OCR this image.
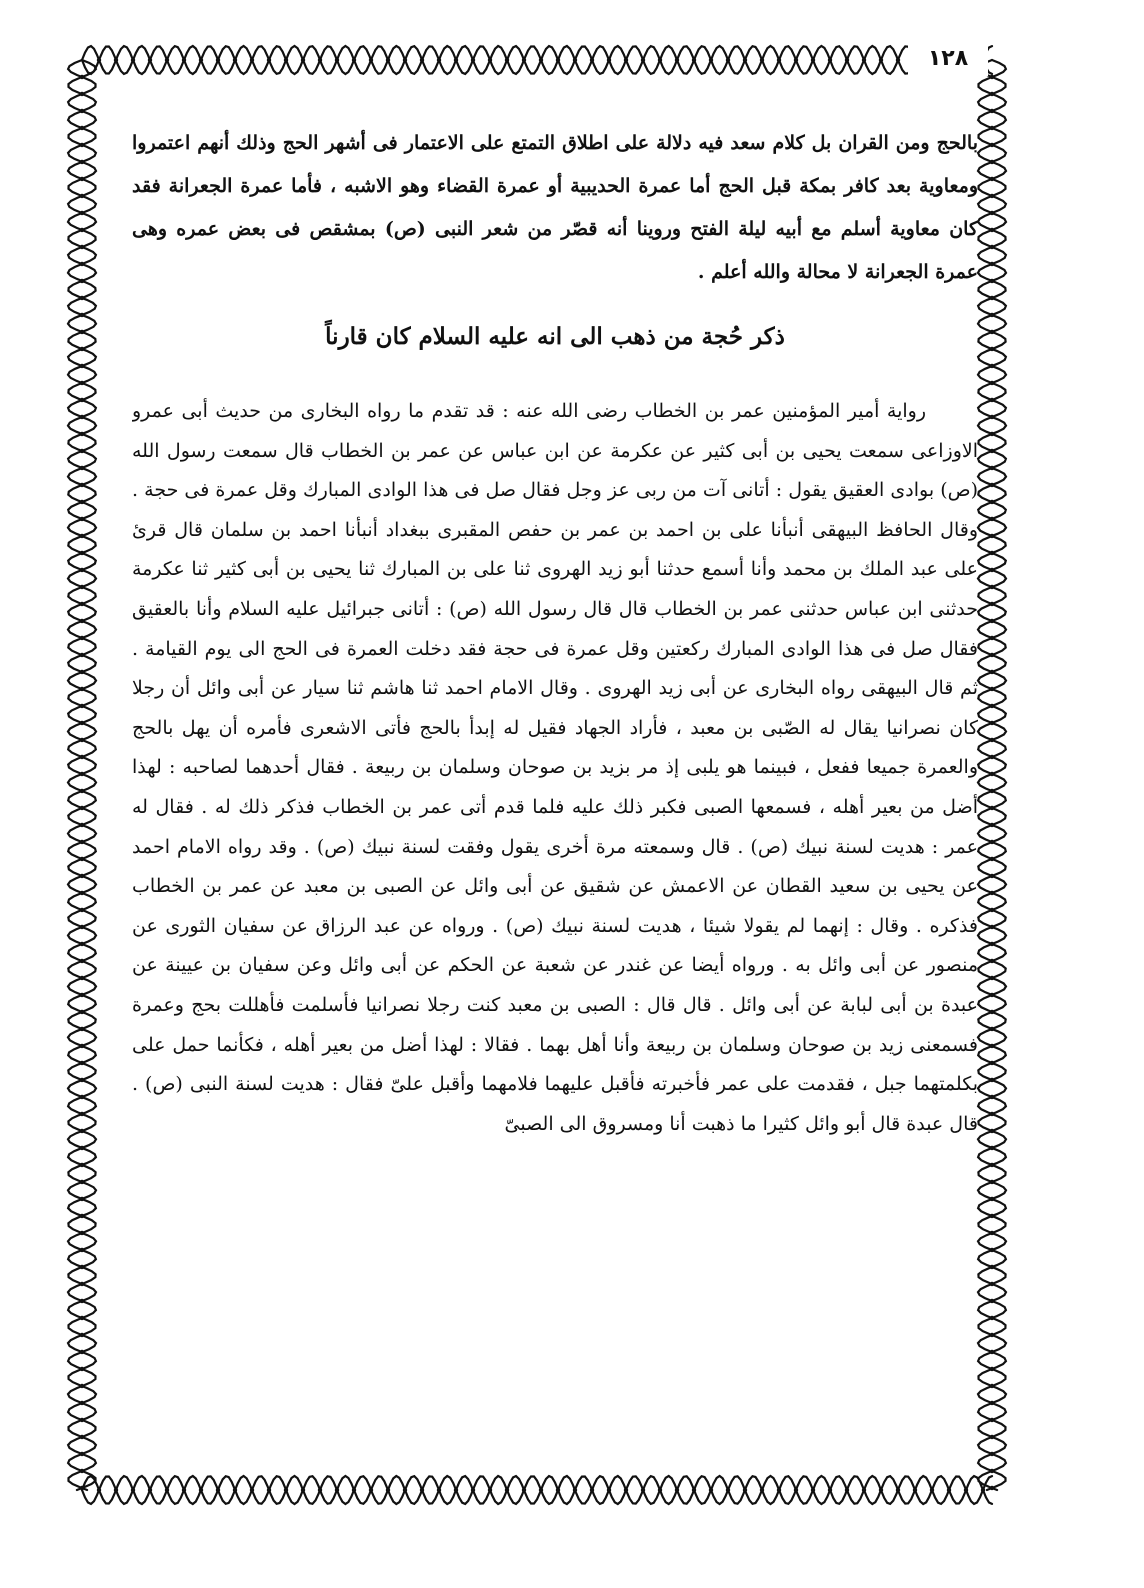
١٢٨

بالحج ومن القران بل كلام سعد فيه دلالة على اطلاق التمتع على الاعتمار فى أشهر الحج وذلك أنهم اعتمروا ومعاوية بعد كافر بمكة قبل الحج أما عمرة الحديبية أو عمرة القضاء وهو الاشبه ، فأما عمرة الجعرانة فقد كان معاوية أسلم مع أبيه ليلة الفتح وروينا أنه قصّر من شعر النبى (ص) بمشقص فى بعض عمره وهى عمرة الجعرانة لا محالة والله أعلم .

ذكر حُجة من ذهب الى انه عليه السلام كان قارناً

رواية أمير المؤمنين عمر بن الخطاب رضى الله عنه : قد تقدم ما رواه البخارى من حديث أبى عمرو الاوزاعى سمعت يحيى بن أبى كثير عن عكرمة عن ابن عباس عن عمر بن الخطاب قال سمعت رسول الله (ص) بوادى العقيق يقول : أتانى آت من ربى عز وجل فقال صل فى هذا الوادى المبارك وقل عمرة فى حجة . وقال الحافظ البيهقى أنبأنا على بن احمد بن عمر بن حفص المقبرى ببغداد أنبأنا احمد بن سلمان قال قرئ على عبد الملك بن محمد وأنا أسمع حدثنا أبو زيد الهروى ثنا على بن المبارك ثنا يحيى بن أبى كثير ثنا عكرمة حدثنى ابن عباس حدثنى عمر بن الخطاب قال قال رسول الله (ص) : أتانى جبرائيل عليه السلام وأنا بالعقيق فقال صل فى هذا الوادى المبارك ركعتين وقل عمرة فى حجة فقد دخلت العمرة فى الحج الى يوم القيامة . ثم قال البيهقى رواه البخارى عن أبى زيد الهروى . وقال الامام احمد ثنا هاشم ثنا سيار عن أبى وائل أن رجلا كان نصرانيا يقال له الصّبى بن معبد ، فأراد الجهاد فقيل له إبدأ بالحج فأتى الاشعرى فأمره أن يهل بالحج والعمرة جميعا ففعل ، فبينما هو يلبى إذ مر بزيد بن صوحان وسلمان بن ربيعة . فقال أحدهما لصاحبه : لهذا أضل من بعير أهله ، فسمعها الصبى فكبر ذلك عليه فلما قدم أتى عمر بن الخطاب فذكر ذلك له . فقال له عمر : هديت لسنة نبيك (ص) . قال وسمعته مرة أخرى يقول وفقت لسنة نبيك (ص) . وقد رواه الامام احمد عن يحيى بن سعيد القطان عن الاعمش عن شقيق عن أبى وائل عن الصبى بن معبد عن عمر بن الخطاب فذكره . وقال : إنهما لم يقولا شيئا ، هديت لسنة نبيك (ص) . ورواه عن عبد الرزاق عن سفيان الثورى عن منصور عن أبى وائل به . ورواه أيضا عن غندر عن شعبة عن الحكم عن أبى وائل وعن سفيان بن عيينة عن عبدة بن أبى لبابة عن أبى وائل . قال قال : الصبى بن معبد كنت رجلا نصرانيا فأسلمت فأهللت بحج وعمرة فسمعنى زيد بن صوحان وسلمان بن ربيعة وأنا أهل بهما . فقالا : لهذا أضل من بعير أهله ، فكأنما حمل على بكلمتهما جبل ، فقدمت على عمر فأخبرته فأقبل عليهما فلامهما وأقبل علىّ فقال : هديت لسنة النبى (ص) . قال عبدة قال أبو وائل كثيرا ما ذهبت أنا ومسروق الى الصبىّ
